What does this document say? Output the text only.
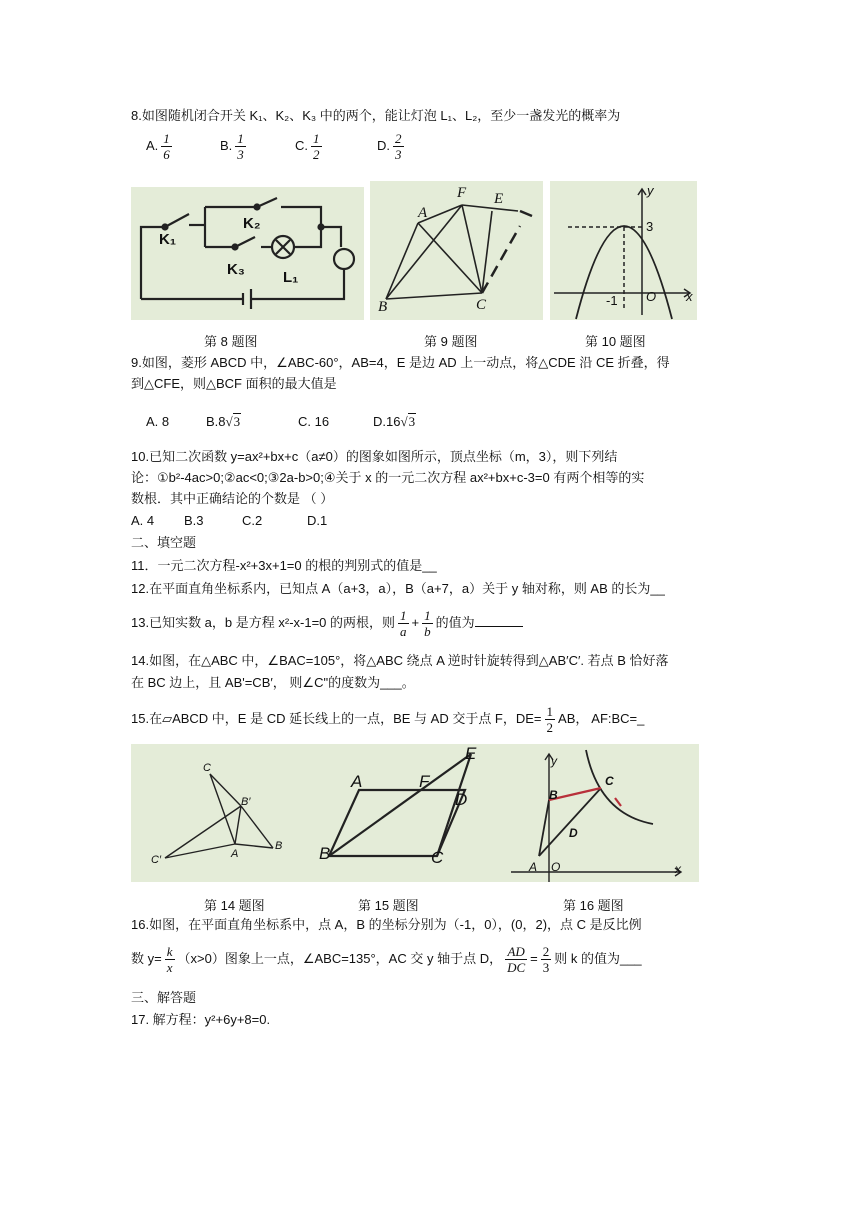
8.如图随机闭合开关 K₁、K₂、K₃ 中的两个，能让灯泡 L₁、L₂，至少一盏发光的概率为
A. $\frac{1}{6}$	B. $\frac{1}{3}$	C. $\frac{1}{2}$	D. $\frac{2}{3}$
K₁
K₂
K₃	L₁
A
F E
B	C
y
x
3
-1 O
第 8 题图	第 9 题图	第 10 题图
9.如图，菱形 ABCD 中，∠ABC-60°，AB=4，E 是边 AD 上一动点，将△CDE 沿 CE 折叠，得
到△CFE，则△BCF 面积的最大值是
A. 8	B.8√3	C. 16	D.16√3
10.已知二次函数 y=ax²+bx+c（a≠0）的图象如图所示，顶点坐标（m，3），则下列结
论：①b²-4ac>0;②ac<0;③2a-b>0;④关于 x 的一元二次方程 ax²+bx+c-3=0 有两个相等的实
数根．其中正确结论的个数是 （ ）
A. 4 B.3	C.2	D.1
二、填空题
11．一元二次方程-x²+3x+1=0 的根的判别式的值是__
12.在平面直角坐标系内，已知点 A（a+3，a），B（a+7，a）关于 y 轴对称，则 AB 的长为__
13.已知实数 a，b 是方程 x²-x-1=0 的两根，则 $\frac{1}{a} + \frac{1}{b}$ 的值为
14.如图，在△ABC 中，∠BAC=105°，将△ABC 绕点 A 逆时针旋转得到△AB′C′. 若点 B 恰好落
在 BC 边上，且 AB'=CB′， 则∠C"的度数为___。
15.在▱ABCD 中，E 是 CD 延长线上的一点，BE 与 AD 交于点 F，$DE= \frac{1}{2}$ AB， AF:BC=_
C
B′
C′	A
B
A	F
D
E
B	C
y
x
B
C
D
A O
第 14 题图	第 15 题图	第 16 题图
16.如图，在平面直角坐标系中，点 A，B 的坐标分别为（-1，0），(0，2)，点 C 是反比例
数 $y= \frac{k}{x} (x>0)$图象上一点，∠ABC=135°，AC 交 y 轴于点 D， $\frac{AD}{DC} = \frac{2}{3}$ 则 k 的值为___
三、解答题
17. 解方程：y²+6y+8=0.
